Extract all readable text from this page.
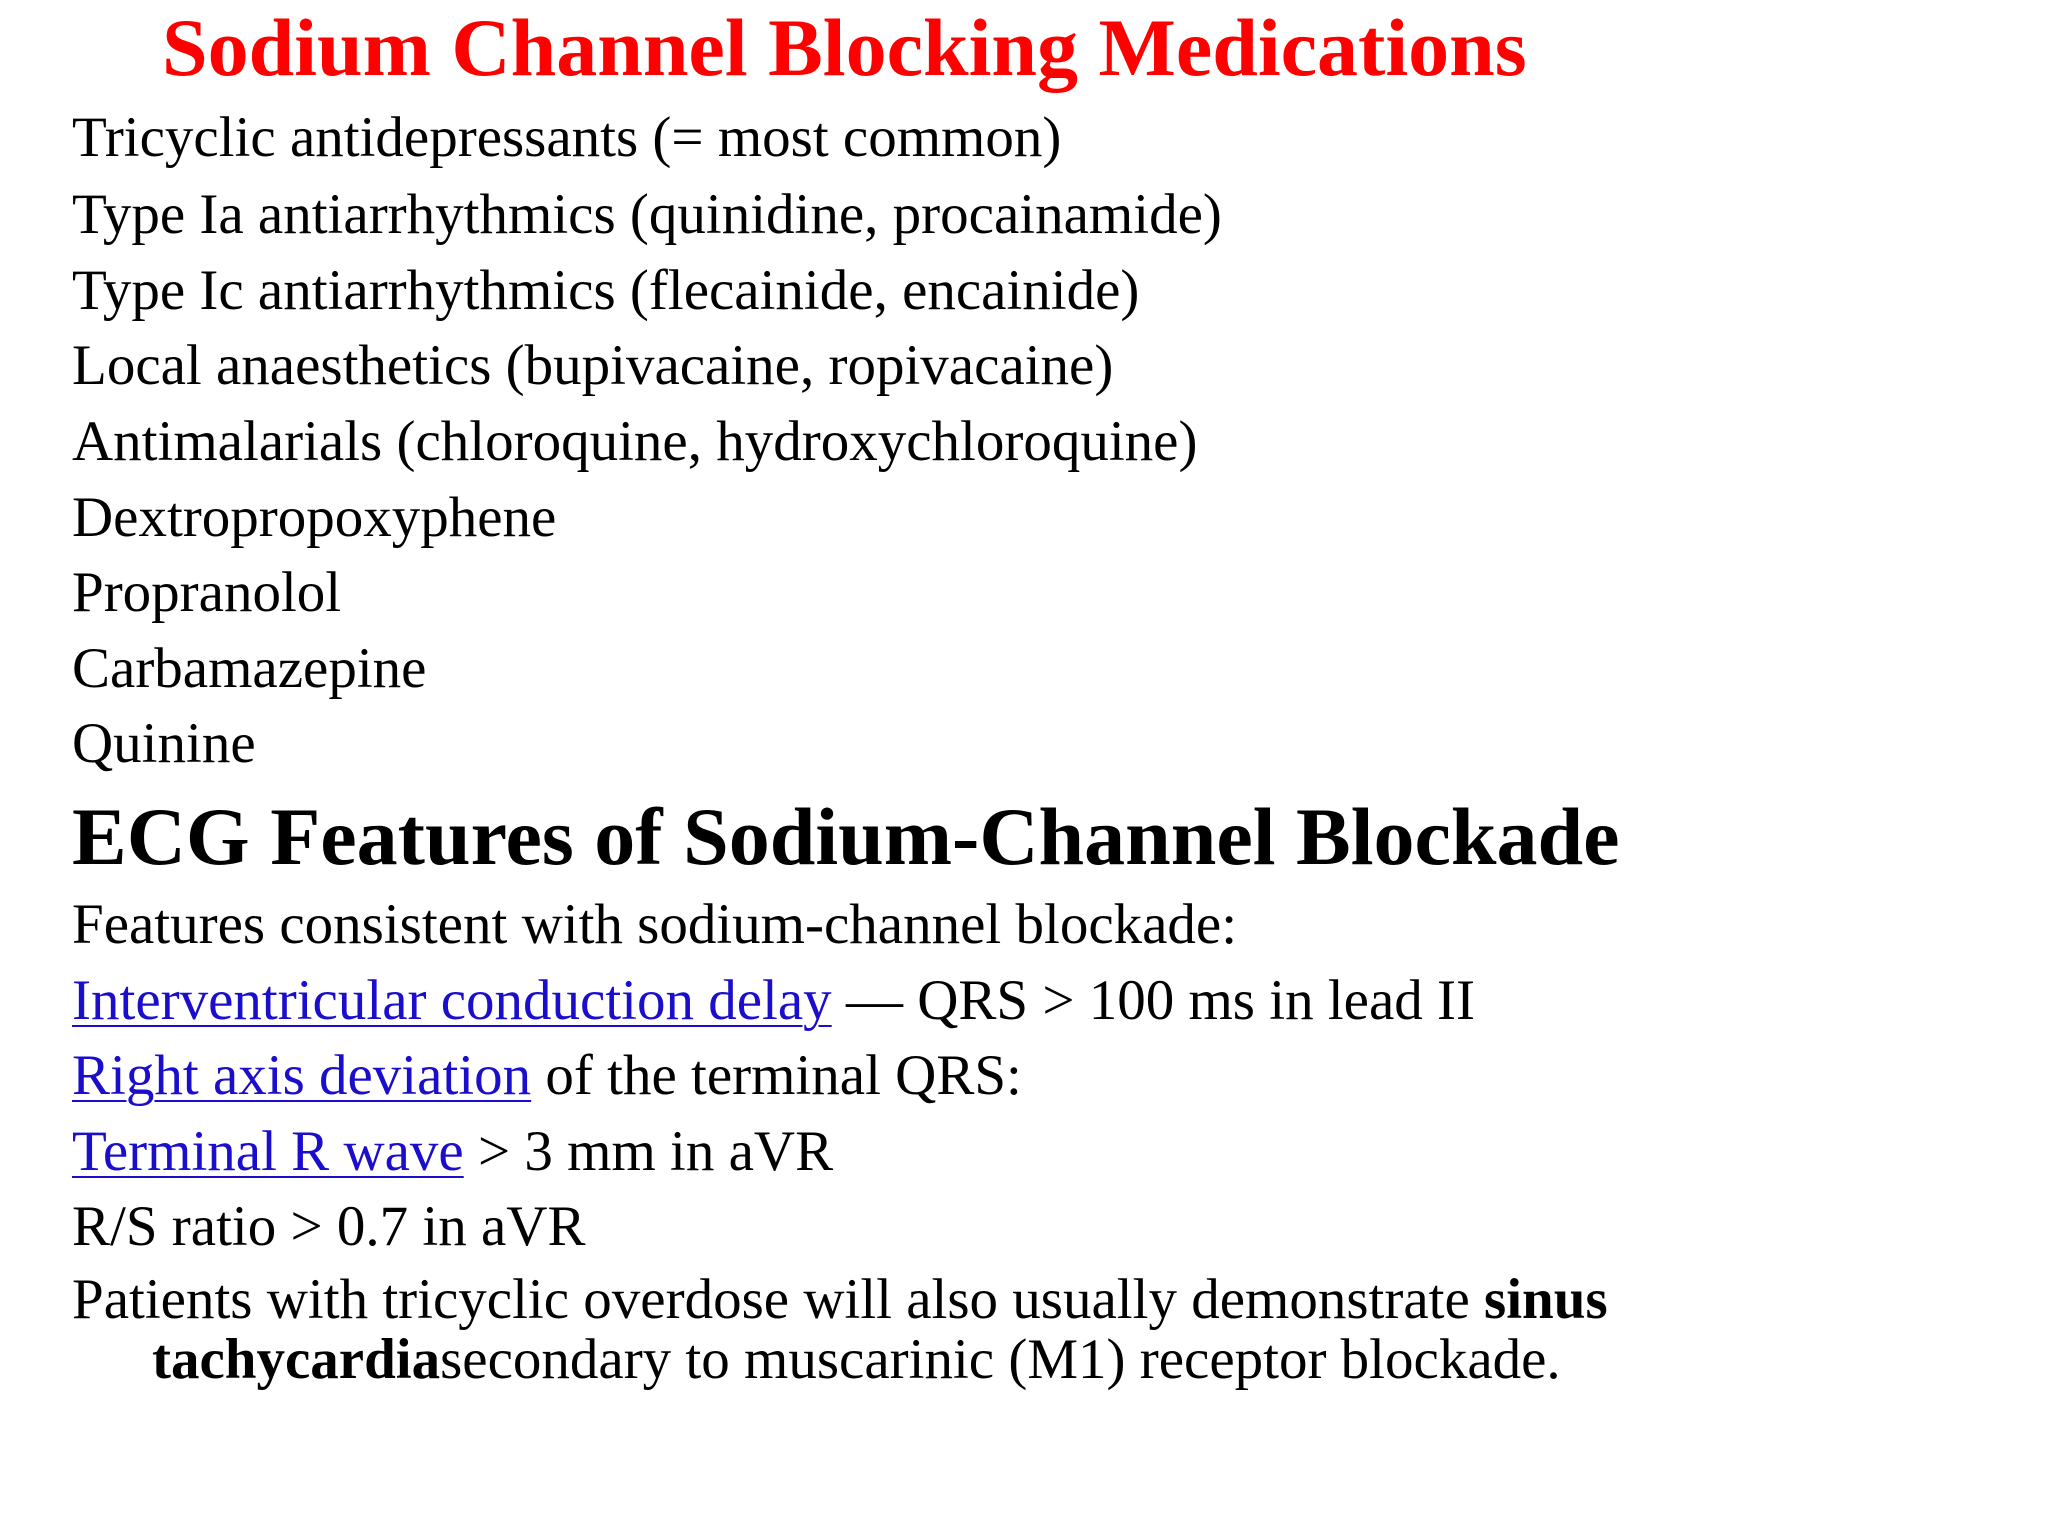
Sodium Channel Blocking Medications

Tricyclic antidepressants (= most common)

Type Ia antiarrhythmics (quinidine, procainamide)

Type Ic antiarrhythmics (flecainide, encainide)

Local anaesthetics (bupivacaine, ropivacaine)

Antimalarials (chloroquine, hydroxychloroquine)

Dextropropoxyphene

Propranolol

Carbamazepine

Quinine

ECG Features of Sodium-Channel Blockade

Features consistent with sodium-channel blockade:

Interventricular conduction delay — QRS > 100 ms in lead II

Right axis deviation of the terminal QRS:

Terminal R wave > 3 mm in aVR

R/S ratio > 0.7 in aVR

Patients with tricyclic overdose will also usually demonstrate sinus
tachycardiasecondary to muscarinic (M1) receptor blockade.
